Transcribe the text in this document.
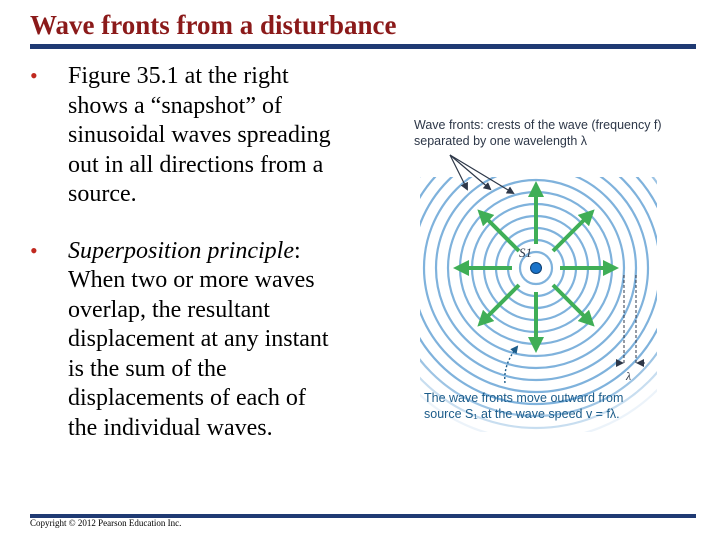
Wave fronts from a disturbance
• Figure 35.1 at the right
shows a “snapshot” of
sinusoidal waves spreading
out in all directions from a
source.
• Superposition principle:
When two or more waves
overlap, the resultant
displacement at any instant
is the sum of the
displacements of each of
the individual waves.
S1
λ
Wave fronts: crests of the wave (frequency f)
separated by one wavelength λ
The wave fronts move outward from
source S₁ at the wave speed v = fλ.
Copyright © 2012 Pearson Education Inc.
